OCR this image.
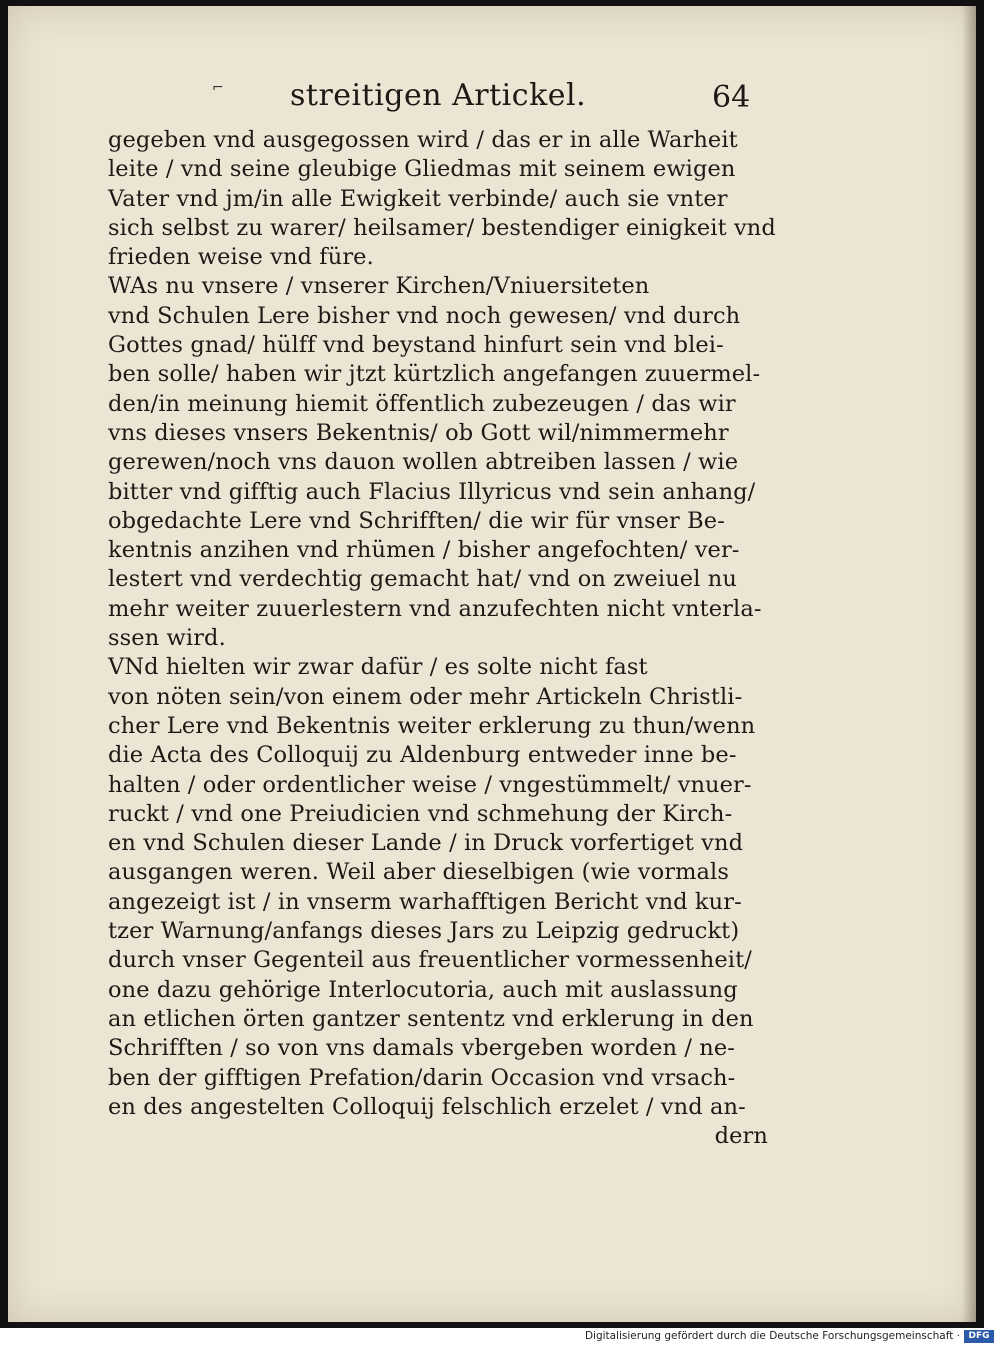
⌐ streitigen Artickel.	64
gegeben vnd ausgegossen wird / das er in alle Warheit
leite / vnd seine gleubige Gliedmas mit seinem ewigen
Vater vnd jm/in alle Ewigkeit verbinde/ auch sie vnter
sich selbst zu warer/ heilsamer/ bestendiger einigkeit vnd
frieden weise vnd füre.
WAs nu vnsere / vnserer Kirchen/Vniuersiteten
vnd Schulen Lere bisher vnd noch gewesen/ vnd durch
Gottes gnad/ hülff vnd beystand hinfurt sein vnd blei-
ben solle/ haben wir jtzt kürtzlich angefangen zuuermel-
den/in meinung hiemit öffentlich zubezeugen / das wir
vns dieses vnsers Bekentnis/ ob Gott wil/nimmermehr
gerewen/noch vns dauon wollen abtreiben lassen / wie
bitter vnd gifftig auch Flacius Illyricus vnd sein anhang/
obgedachte Lere vnd Schrifften/ die wir für vnser Be-
kentnis anzihen vnd rhümen / bisher angefochten/ ver-
lestert vnd verdechtig gemacht hat/ vnd on zweiuel nu
mehr weiter zuuerlestern vnd anzufechten nicht vnterla-
ssen wird.
VNd hielten wir zwar dafür / es solte nicht fast
von nöten sein/von einem oder mehr Artickeln Christli-
cher Lere vnd Bekentnis weiter erklerung zu thun/wenn
die Acta des Colloquij zu Aldenburg entweder inne be-
halten / oder ordentlicher weise / vngestümmelt/ vnuer-
ruckt / vnd one Preiudicien vnd schmehung der Kirch-
en vnd Schulen dieser Lande / in Druck vorfertiget vnd
ausgangen weren. Weil aber dieselbigen (wie vormals
angezeigt ist / in vnserm warhafftigen Bericht vnd kur-
tzer Warnung/anfangs dieses Jars zu Leipzig gedruckt)
durch vnser Gegenteil aus freuentlicher vormessenheit/
one dazu gehörige Interlocutoria, auch mit auslassung
an etlichen örten gantzer sententz vnd erklerung in den
Schrifften / so von vns damals vbergeben worden / ne-
ben der gifftigen Prefation/darin Occasion vnd vrsach-
en des angestelten Colloquij felschlich erzelet / vnd an-
dern
Digitalisierung gefördert durch die Deutsche Forschungsgemeinschaft · DFG
